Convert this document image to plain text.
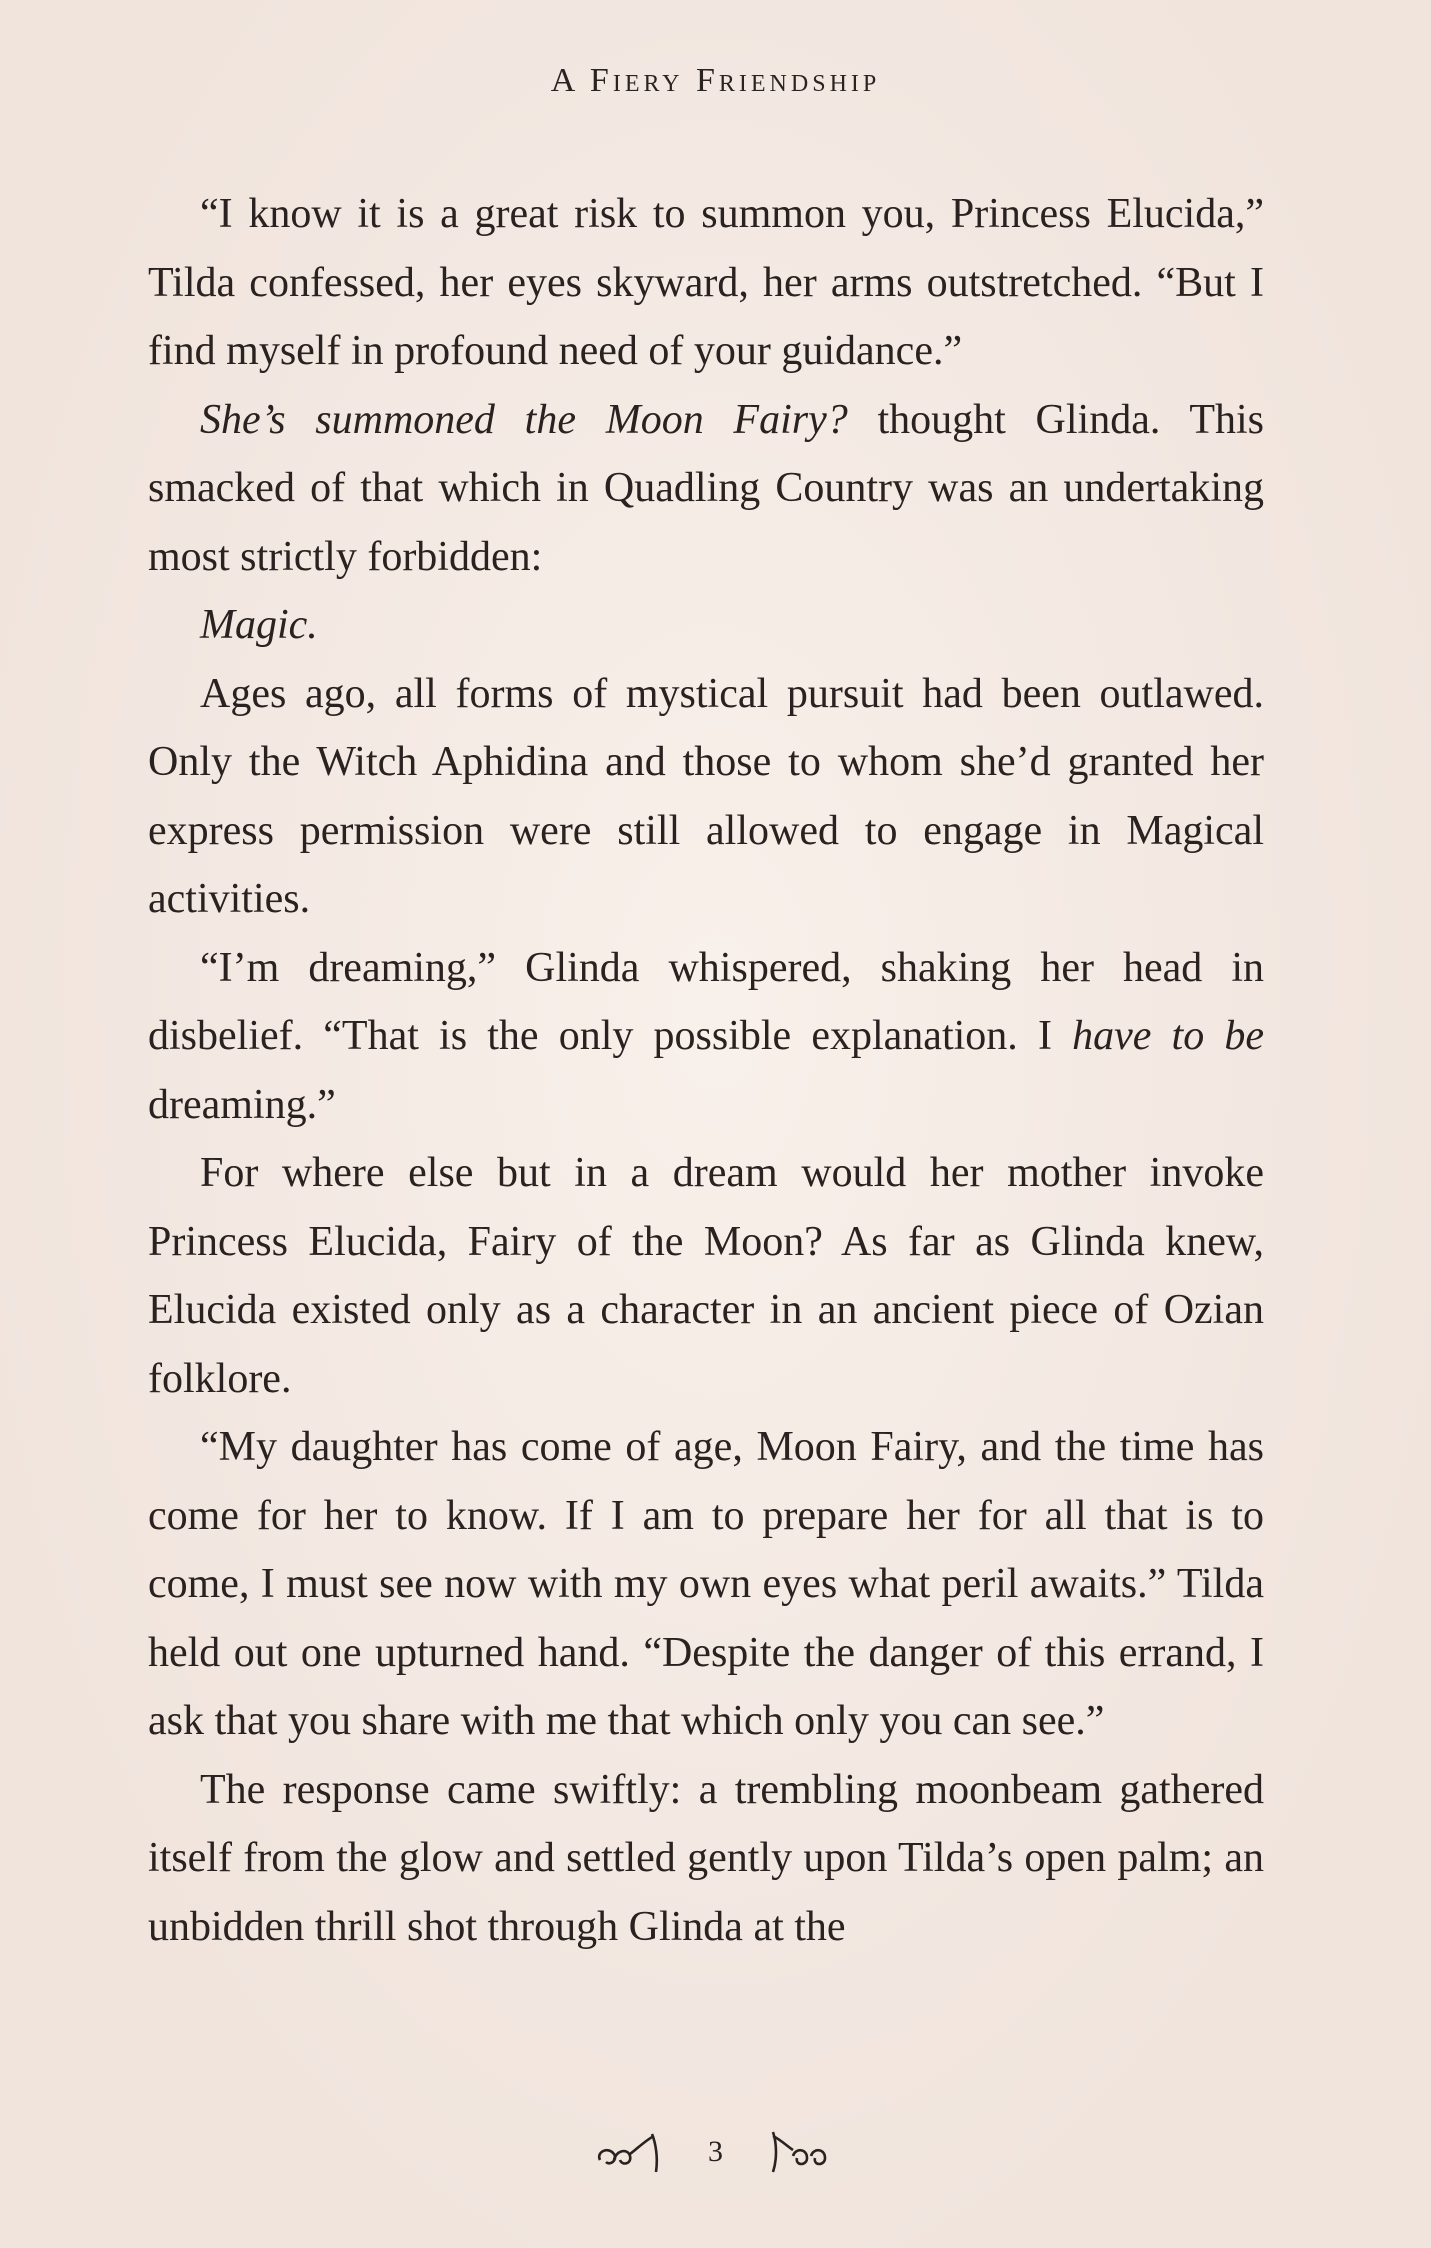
A Fiery Friendship

“I know it is a great risk to summon you, Princess Elucida,” Tilda confessed, her eyes skyward, her arms outstretched. “But I find myself in profound need of your guidance.”

She’s summoned the Moon Fairy? thought Glinda. This smacked of that which in Quadling Country was an undertaking most strictly forbidden:

Magic.

Ages ago, all forms of mystical pursuit had been outlawed. Only the Witch Aphidina and those to whom she’d granted her express permission were still allowed to engage in Magical activities.

“I’m dreaming,” Glinda whispered, shaking her head in disbelief. “That is the only possible explanation. I have to be dreaming.”

For where else but in a dream would her mother invoke Princess Elucida, Fairy of the Moon? As far as Glinda knew, Elucida existed only as a character in an ancient piece of Ozian folklore.

“My daughter has come of age, Moon Fairy, and the time has come for her to know. If I am to prepare her for all that is to come, I must see now with my own eyes what peril awaits.” Tilda held out one upturned hand. “Despite the danger of this errand, I ask that you share with me that which only you can see.”

The response came swiftly: a trembling moonbeam gathered itself from the glow and settled gently upon Tilda’s open palm; an unbidden thrill shot through Glinda at the

3
